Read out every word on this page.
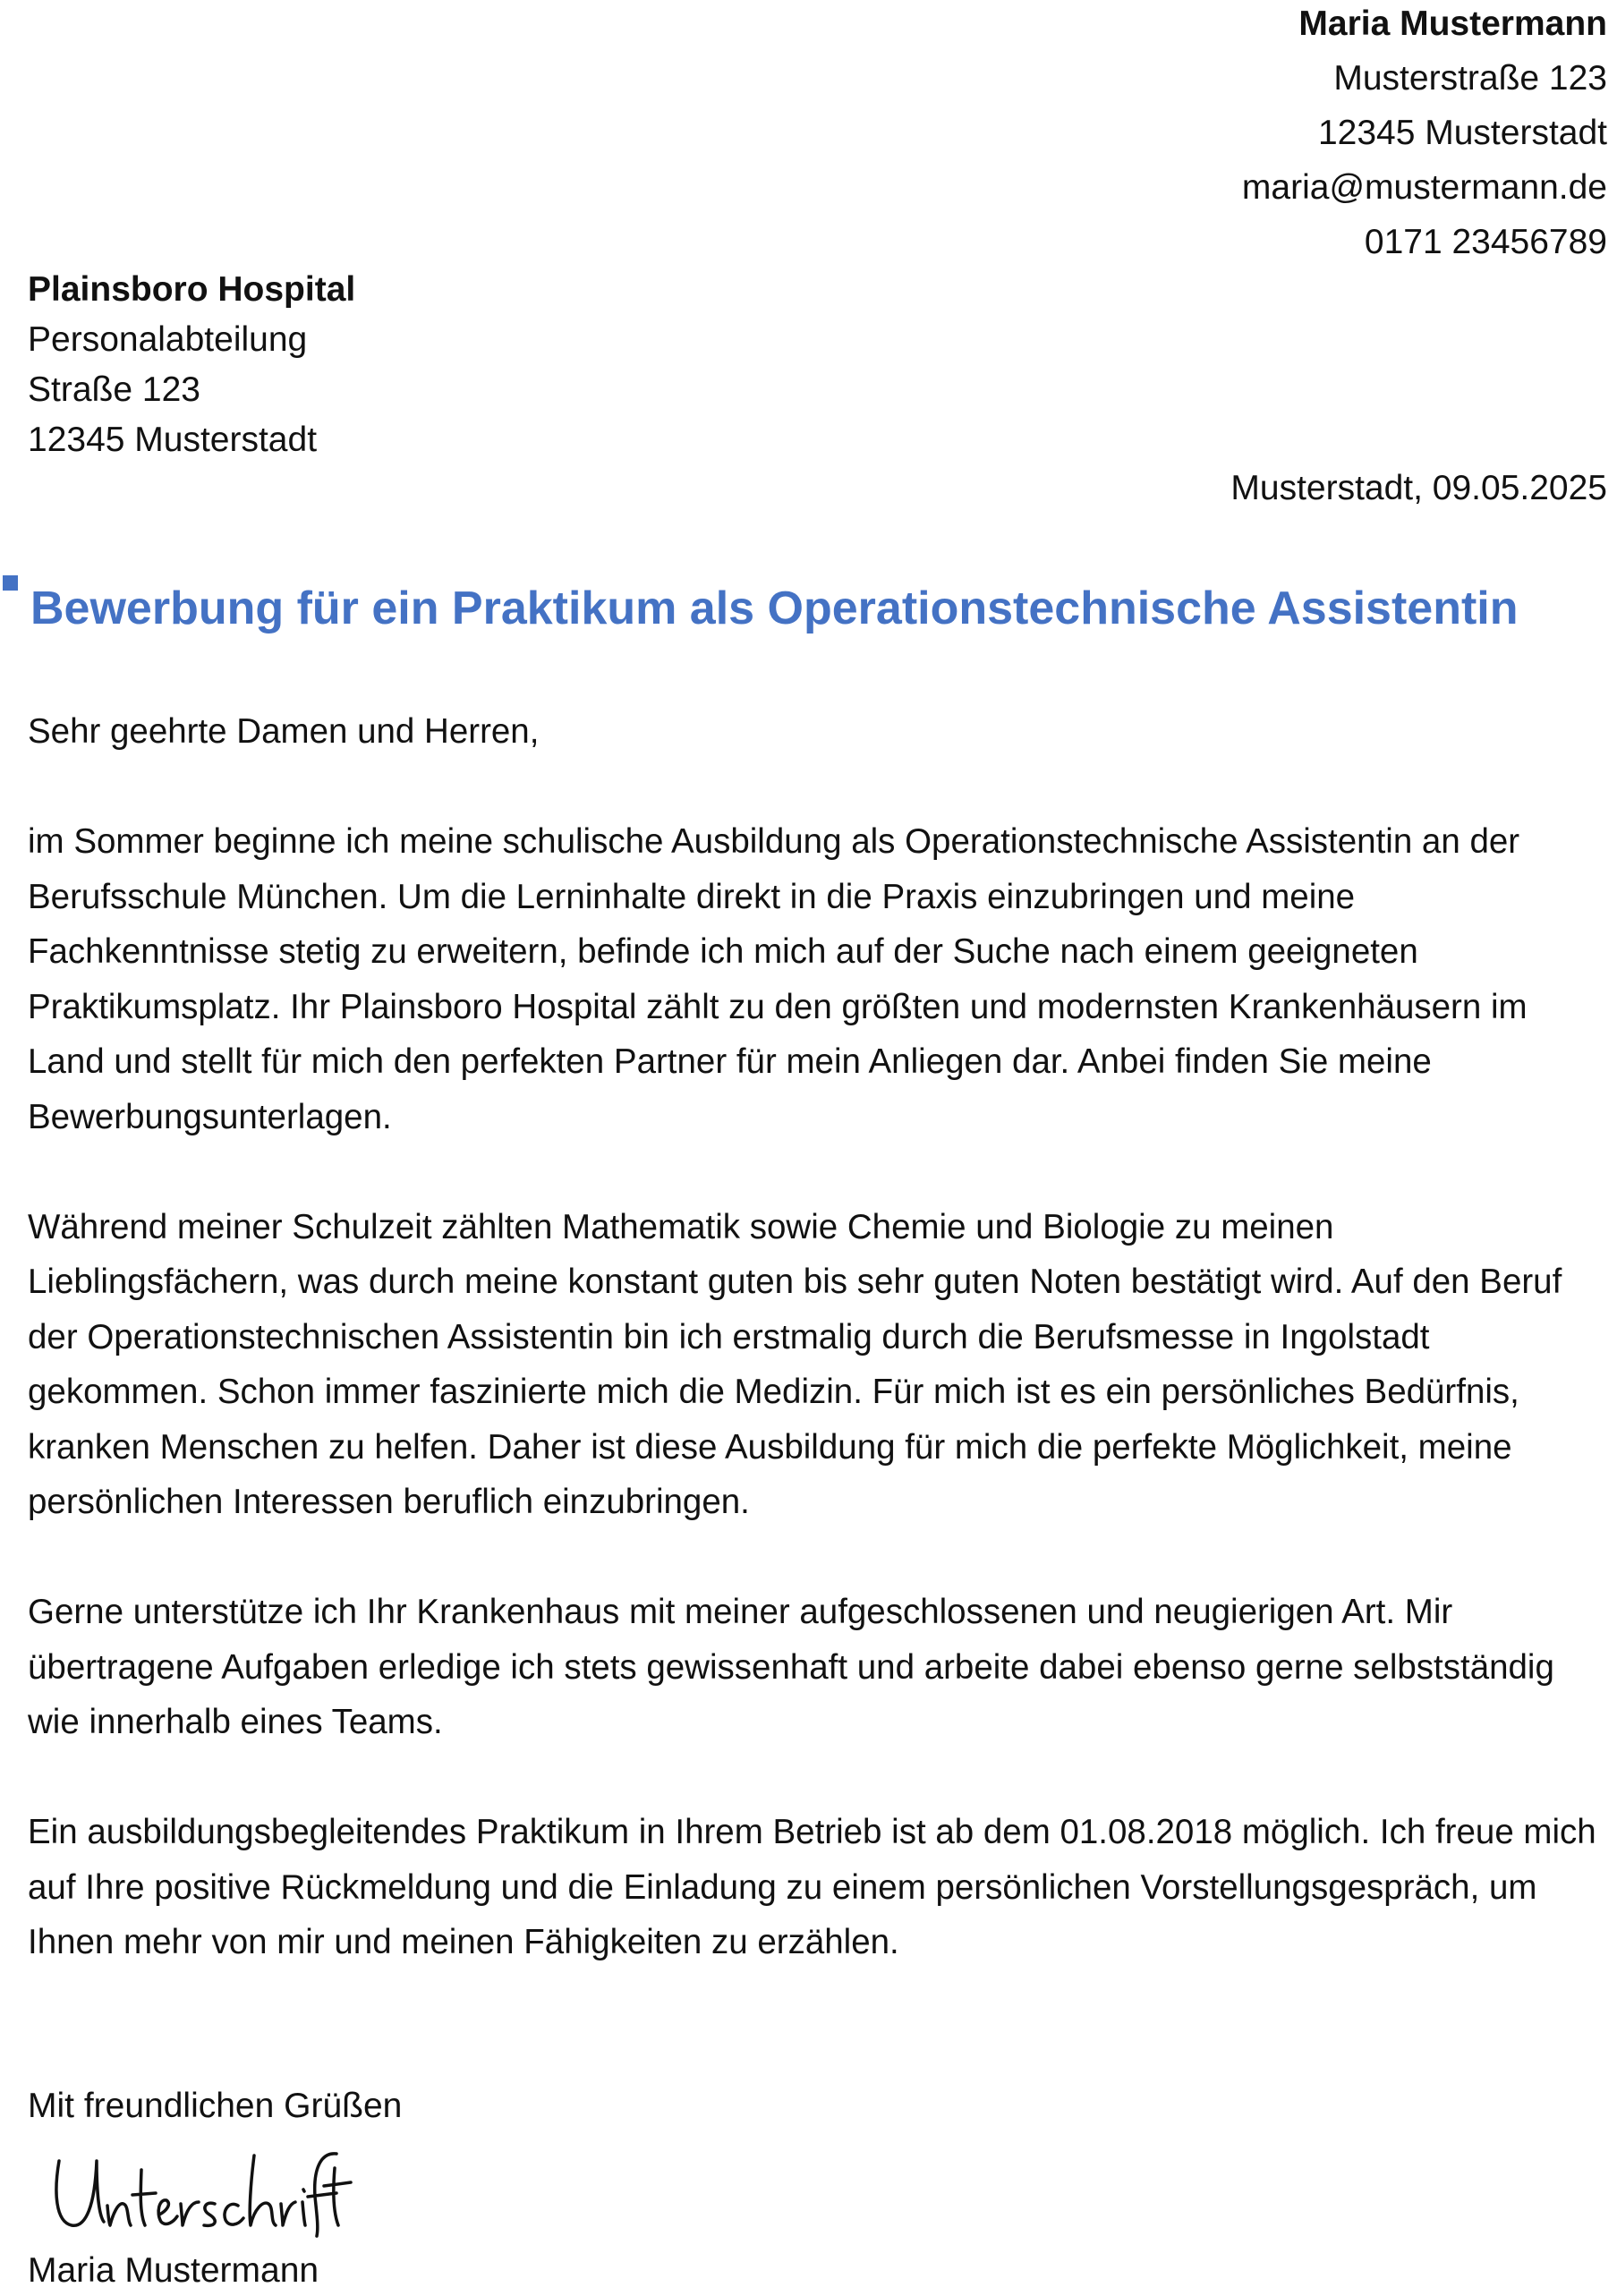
Maria Mustermann
Musterstraße 123
12345 Musterstadt
maria@mustermann.de
0171 23456789
Plainsboro Hospital
Personalabteilung
Straße 123
12345 Musterstadt
Musterstadt, 09.05.2025
Bewerbung für ein Praktikum als Operationstechnische Assistentin

Sehr geehrte Damen und Herren,

im Sommer beginne ich meine schulische Ausbildung als Operationstechnische Assistentin an der Berufsschule München. Um die Lerninhalte direkt in die Praxis einzubringen und meine Fachkenntnisse stetig zu erweitern, befinde ich mich auf der Suche nach einem geeigneten Praktikumsplatz. Ihr Plainsboro Hospital zählt zu den größten und modernsten Krankenhäusern im Land und stellt für mich den perfekten Partner für mein Anliegen dar. Anbei finden Sie meine Bewerbungsunterlagen.

Während meiner Schulzeit zählten Mathematik sowie Chemie und Biologie zu meinen Lieblingsfächern, was durch meine konstant guten bis sehr guten Noten bestätigt wird. Auf den Beruf der Operationstechnischen Assistentin bin ich erstmalig durch die Berufsmesse in Ingolstadt gekommen. Schon immer faszinierte mich die Medizin. Für mich ist es ein persönliches Bedürfnis, kranken Menschen zu helfen. Daher ist diese Ausbildung für mich die perfekte Möglichkeit, meine persönlichen Interessen beruflich einzubringen.

Gerne unterstütze ich Ihr Krankenhaus mit meiner aufgeschlossenen und neugierigen Art. Mir übertragene Aufgaben erledige ich stets gewissenhaft und arbeite dabei ebenso gerne selbstständig wie innerhalb eines Teams.

Ein ausbildungsbegleitendes Praktikum in Ihrem Betrieb ist ab dem 01.08.2018 möglich. Ich freue mich auf Ihre positive Rückmeldung und die Einladung zu einem persönlichen Vorstellungsgespräch, um Ihnen mehr von mir und meinen Fähigkeiten zu erzählen.

Mit freundlichen Grüßen
Maria Mustermann
